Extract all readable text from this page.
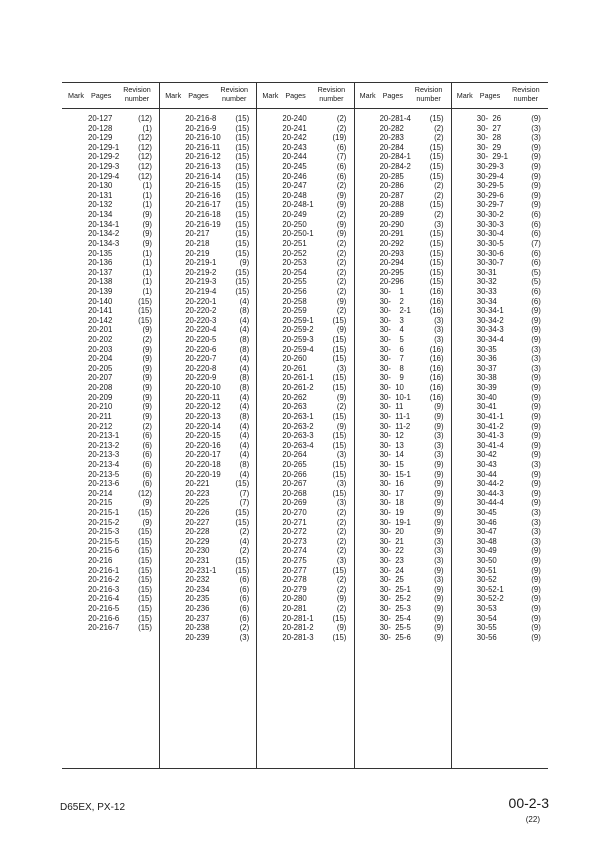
Mark Pages
Revision
number
20-127	(12)
20-128	(1)
20-129	(12)
20-129-1	(12)
20-129-2	(12)
20-129-3	(12)
20-129-4	(12)
20-130	(1)
20-131	(1)
20-132	(1)
20-134	(9)
20-134-1	(9)
20-134-2	(9)
20-134-3	(9)
20-135	(1)
20-136	(1)
20-137	(1)
20-138	(1)
20-139	(1)
20-140	(15)
20-141	(15)
20-142	(15)
20-201	(9)
20-202	(2)
20-203	(9)
20-204	(9)
20-205	(9)
20-207	(9)
20-208	(9)
20-209	(9)
20-210	(9)
20-211	(9)
20-212	(2)
20-213-1	(6)
20-213-2	(6)
20-213-3	(6)
20-213-4	(6)
20-213-5	(6)
20-213-6	(6)
20-214	(12)
20-215	(9)
20-215-1	(15)
20-215-2	(9)
20-215-3	(15)
20-215-5	(15)
20-215-6	(15)
20-216	(15)
20-216-1	(15)
20-216-2	(15)
20-216-3	(15)
20-216-4	(15)
20-216-5	(15)
20-216-6	(15)
20-216-7	(15)
Mark Pages
Revision
number
20-216-8	(15)
20-216-9	(15)
20-216-10	(15)
20-216-11	(15)
20-216-12	(15)
20-216-13	(15)
20-216-14	(15)
20-216-15	(15)
20-216-16	(15)
20-216-17	(15)
20-216-18	(15)
20-216-19	(15)
20-217	(15)
20-218	(15)
20-219	(15)
20-219-1	(9)
20-219-2	(15)
20-219-3	(15)
20-219-4	(15)
20-220-1	(4)
20-220-2	(8)
20-220-3	(4)
20-220-4	(4)
20-220-5	(8)
20-220-6	(8)
20-220-7	(4)
20-220-8	(4)
20-220-9	(8)
20-220-10	(8)
20-220-11	(4)
20-220-12	(4)
20-220-13	(8)
20-220-14	(4)
20-220-15	(4)
20-220-16	(4)
20-220-17	(4)
20-220-18	(8)
20-220-19	(4)
20-221	(15)
20-223	(7)
20-225	(7)
20-226	(15)
20-227	(15)
20-228	(2)
20-229	(4)
20-230	(2)
20-231	(15)
20-231-1	(15)
20-232	(6)
20-234	(6)
20-235	(6)
20-236	(6)
20-237	(6)
20-238	(2)
20-239	(3)
Mark Pages
Revision
number
20-240	(2)
20-241	(2)
20-242	(19)
20-243	(6)
20-244	(7)
20-245	(6)
20-246	(6)
20-247	(2)
20-248	(9)
20-248-1	(9)
20-249	(2)
20-250	(9)
20-250-1	(9)
20-251	(2)
20-252	(2)
20-253	(2)
20-254	(2)
20-255	(2)
20-256	(2)
20-258	(9)
20-259	(2)
20-259-1	(15)
20-259-2	(9)
20-259-3	(15)
20-259-4	(15)
20-260	(15)
20-261	(3)
20-261-1	(15)
20-261-2	(15)
20-262	(9)
20-263	(2)
20-263-1	(15)
20-263-2	(9)
20-263-3	(15)
20-263-4	(15)
20-264	(3)
20-265	(15)
20-266	(15)
20-267	(3)
20-268	(15)
20-269	(3)
20-270	(2)
20-271	(2)
20-272	(2)
20-273	(2)
20-274	(2)
20-275	(3)
20-277	(15)
20-278	(2)
20-279	(2)
20-280	(9)
20-281	(2)
20-281-1	(15)
20-281-2	(9)
20-281-3	(15)
Mark Pages
Revision
number
20-281-4	(15)
20-282	(2)
20-283	(2)
20-284	(15)
20-284-1	(15)
20-284-2	(15)
20-285	(15)
20-286	(2)
20-287	(2)
20-288	(15)
20-289	(2)
20-290	(3)
20-291	(15)
20-292	(15)
20-293	(15)
20-294	(15)
20-295	(15)
20-296	(15)
30-    1	(16)
30-    2	(16)
30-    2-1	(16)
30-    3	(3)
30-    4	(3)
30-    5	(3)
30-    6	(16)
30-    7	(16)
30-    8	(16)
30-    9	(16)
30-  10	(16)
30-  10-1	(16)
30-  11	(9)
30-  11-1	(9)
30-  11-2	(9)
30-  12	(3)
30-  13	(3)
30-  14	(3)
30-  15	(9)
30-  15-1	(9)
30-  16	(9)
30-  17	(9)
30-  18	(9)
30-  19	(9)
30-  19-1	(9)
30-  20	(9)
30-  21	(3)
30-  22	(3)
30-  23	(3)
30-  24	(9)
30-  25	(3)
30-  25-1	(9)
30-  25-2	(9)
30-  25-3	(9)
30-  25-4	(9)
30-  25-5	(9)
30-  25-6	(9)
Mark Pages
Revision
number
30-  26	(9)
30-  27	(3)
30-  28	(3)
30-  29	(9)
30-  29-1	(9)
30-29-3	(9)
30-29-4	(9)
30-29-5	(9)
30-29-6	(9)
30-29-7	(9)
30-30-2	(6)
30-30-3	(6)
30-30-4	(6)
30-30-5	(7)
30-30-6	(6)
30-30-7	(6)
30-31	(5)
30-32	(5)
30-33	(6)
30-34	(6)
30-34-1	(9)
30-34-2	(9)
30-34-3	(9)
30-34-4	(9)
30-35	(3)
30-36	(3)
30-37	(3)
30-38	(9)
30-39	(9)
30-40	(9)
30-41	(9)
30-41-1	(9)
30-41-2	(9)
30-41-3	(9)
30-41-4	(9)
30-42	(9)
30-43	(3)
30-44	(9)
30-44-2	(9)
30-44-3	(9)
30-44-4	(9)
30-45	(3)
30-46	(3)
30-47	(3)
30-48	(3)
30-49	(9)
30-50	(9)
30-51	(9)
30-52	(9)
30-52-1	(9)
30-52-2	(9)
30-53	(9)
30-54	(9)
30-55	(9)
30-56	(9)
D65EX, PX-12	00-2-3
(22)
